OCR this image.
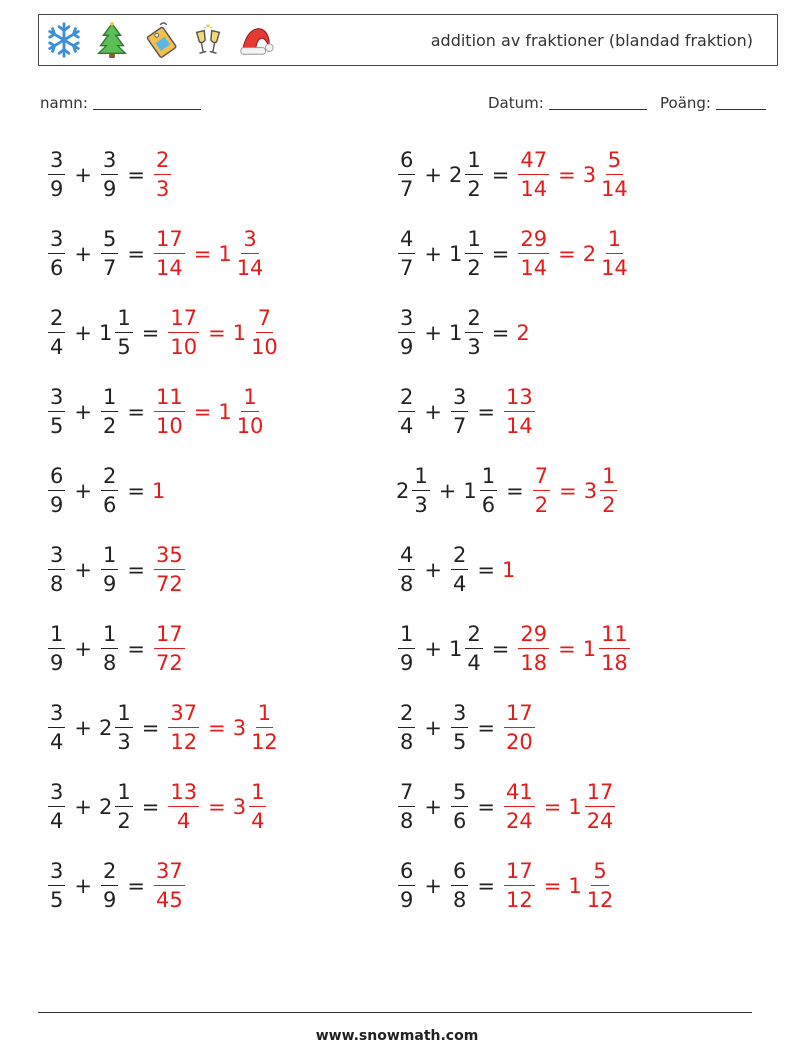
addition av fraktioner (blandad fraktion)
namn:	Datum:	Poäng:
$\frac{3}{9} + \frac{3}{9} = \frac{2}{3}$	$\frac{6}{7} + 2 \frac{1}{2} = \frac{47}{14} = 3 \frac{5}{14}$
$\frac{3}{6} + \frac{5}{7} = \frac{17}{14} = 1 \frac{3}{14}$	$\frac{4}{7} + 1 \frac{1}{2} = \frac{29}{14} = 2 \frac{1}{14}$
$\frac{2}{4} + 1 \frac{1}{5} = \frac{17}{10} = 1 \frac{7}{10}$	$\frac{3}{9} + 1 \frac{2}{3} = 2$
$\frac{3}{5} + \frac{1}{2} = \frac{11}{10} = 1 \frac{1}{10}$	$\frac{2}{4} + \frac{3}{7} = \frac{13}{14}$
$\frac{6}{9} + \frac{2}{6} = 1$	$2 \frac{1}{3} + 1 \frac{1}{6} = \frac{7}{2} = 3 \frac{1}{2}$
$\frac{3}{8} + \frac{1}{9} = \frac{35}{72}$	$\frac{4}{8} + \frac{2}{4} = 1$
$\frac{1}{9} + \frac{1}{8} = \frac{17}{72}$	$\frac{1}{9} + 1 \frac{2}{4} = \frac{29}{18} = 1 \frac{11}{18}$
$\frac{3}{4} + 2 \frac{1}{3} = \frac{37}{12} = 3 \frac{1}{12}$	$\frac{2}{8} + \frac{3}{5} = \frac{17}{20}$
$\frac{3}{4} + 2 \frac{1}{2} = \frac{13}{4} = 3 \frac{1}{4}$	$\frac{7}{8} + \frac{5}{6} = \frac{41}{24} = 1 \frac{17}{24}$
$\frac{3}{5} + \frac{2}{9} = \frac{37}{45}$	$\frac{6}{9} + \frac{6}{8} = \frac{17}{12} = 1 \frac{5}{12}$
www.snowmath.com
